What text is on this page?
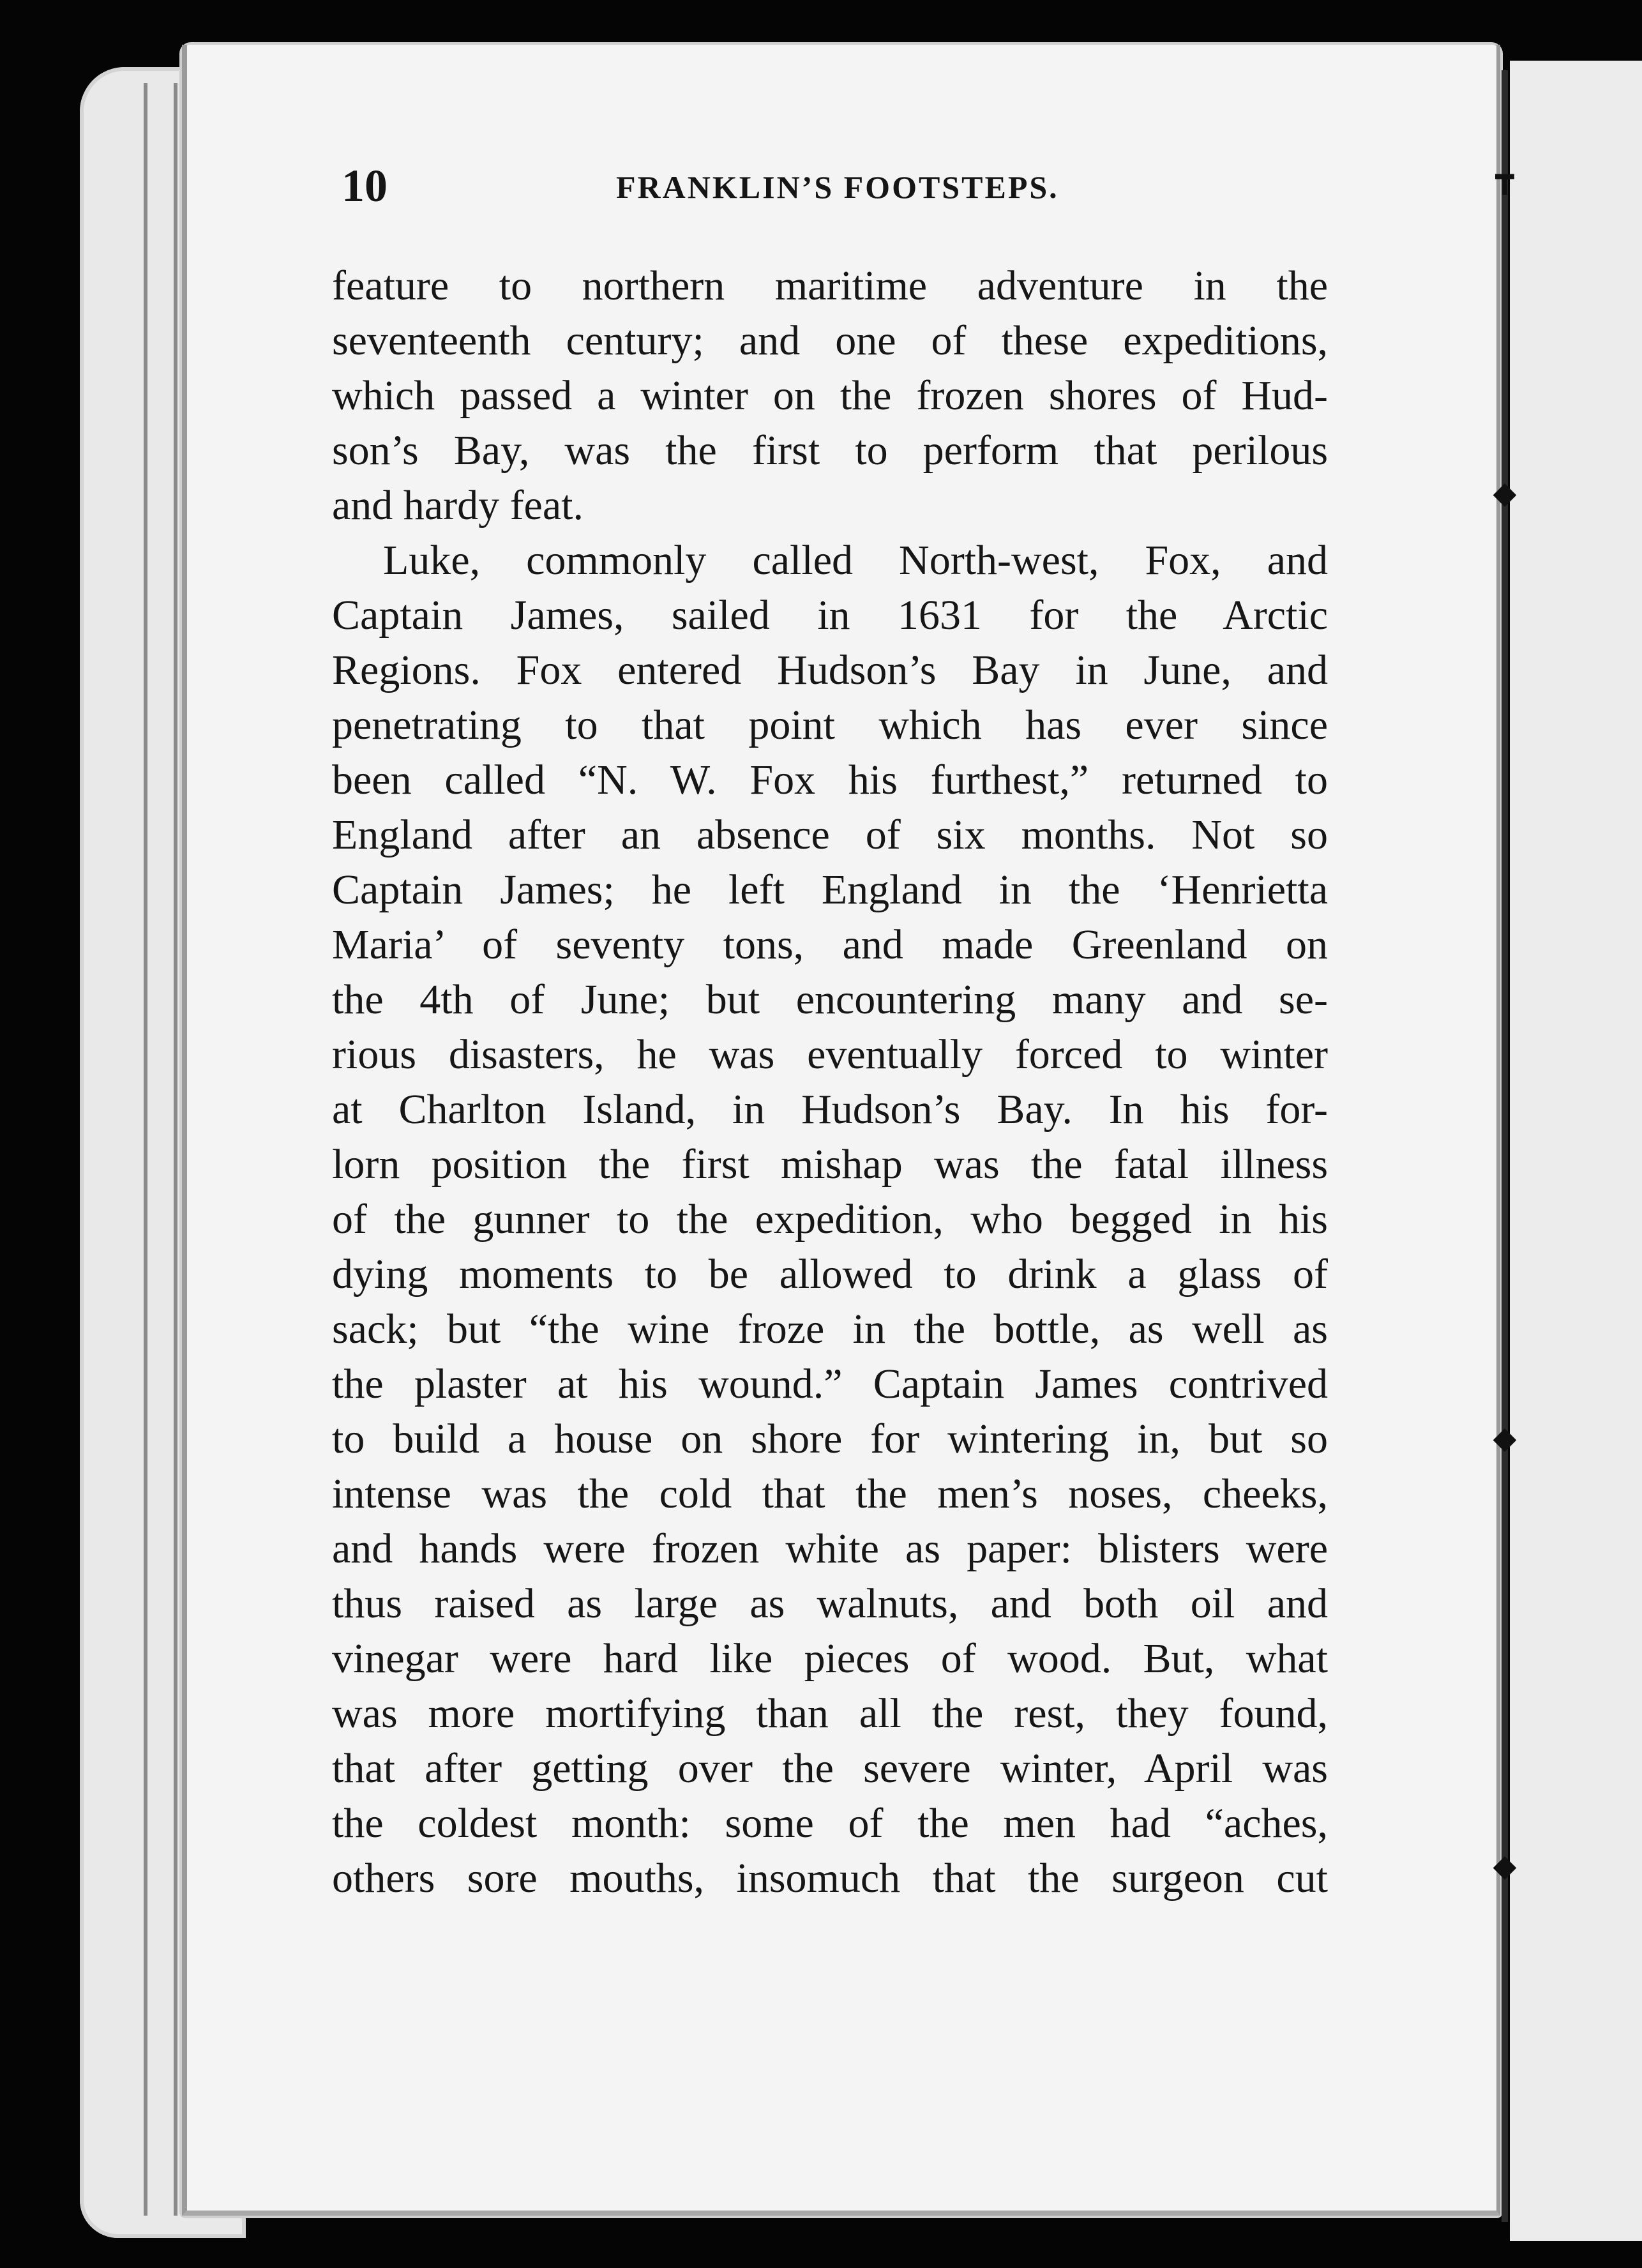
┳
◆
◆
◆
10	FRANKLIN’S FOOTSTEPS.
feature to northern maritime adventure in the
seventeenth century; and one of these expeditions,
which passed a winter on the frozen shores of Hud-
son’s Bay, was the first to perform that perilous
and hardy feat.
Luke, commonly called North-west, Fox, and
Captain James, sailed in 1631 for the Arctic
Regions. Fox entered Hudson’s Bay in June, and
penetrating to that point which has ever since
been called “N. W. Fox his furthest,” returned to
England after an absence of six months. Not so
Captain James; he left England in the ‘Henrietta
Maria’ of seventy tons, and made Greenland on
the 4th of June; but encountering many and se-
rious disasters, he was eventually forced to winter
at Charlton Island, in Hudson’s Bay. In his for-
lorn position the first mishap was the fatal illness
of the gunner to the expedition, who begged in his
dying moments to be allowed to drink a glass of
sack; but “the wine froze in the bottle, as well as
the plaster at his wound.” Captain James contrived
to build a house on shore for wintering in, but so
intense was the cold that the men’s noses, cheeks,
and hands were frozen white as paper: blisters were
thus raised as large as walnuts, and both oil and
vinegar were hard like pieces of wood. But, what
was more mortifying than all the rest, they found,
that after getting over the severe winter, April was
the coldest month: some of the men had “aches,
others sore mouths, insomuch that the surgeon cut
